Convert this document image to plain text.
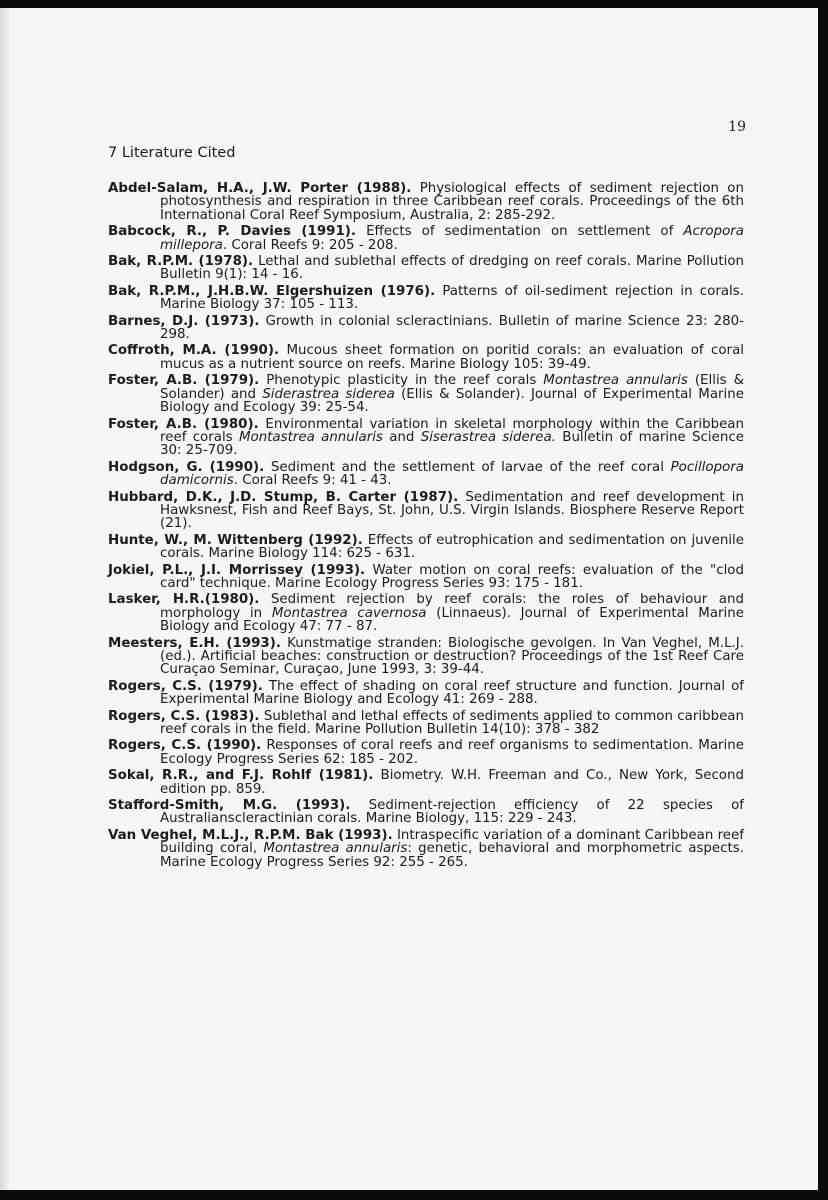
19
7 Literature Cited
Abdel-Salam, H.A., J.W. Porter (1988). Physiological effects of sediment rejection on photosynthesis and respiration in three Caribbean reef corals. Proceedings of the 6th International Coral Reef Symposium, Australia, 2: 285-292.
Babcock, R., P. Davies (1991). Effects of sedimentation on settlement of Acropora millepora. Coral Reefs 9: 205 - 208.
Bak, R.P.M. (1978). Lethal and sublethal effects of dredging on reef corals. Marine Pollution Bulletin 9(1): 14 - 16.
Bak, R.P.M., J.H.B.W. Elgershuizen (1976). Patterns of oil-sediment rejection in corals. Marine Biology 37: 105 - 113.
Barnes, D.J. (1973). Growth in colonial scleractinians. Bulletin of marine Science 23: 280-298.
Coffroth, M.A. (1990). Mucous sheet formation on poritid corals: an evaluation of coral mucus as a nutrient source on reefs. Marine Biology 105: 39-49.
Foster, A.B. (1979). Phenotypic plasticity in the reef corals Montastrea annularis (Ellis & Solander) and Siderastrea siderea (Ellis & Solander). Journal of Experimental Marine Biology and Ecology 39: 25-54.
Foster, A.B. (1980). Environmental variation in skeletal morphology within the Caribbean reef corals Montastrea annularis and Siserastrea siderea. Bulletin of marine Science 30: 25-709.
Hodgson, G. (1990). Sediment and the settlement of larvae of the reef coral Pocillopora damicornis. Coral Reefs 9: 41 - 43.
Hubbard, D.K., J.D. Stump, B. Carter (1987). Sedimentation and reef development in Hawksnest, Fish and Reef Bays, St. John, U.S. Virgin Islands. Biosphere Reserve Report (21).
Hunte, W., M. Wittenberg (1992). Effects of eutrophication and sedimentation on juvenile corals. Marine Biology 114: 625 - 631.
Jokiel, P.L., J.I. Morrissey (1993). Water motion on coral reefs: evaluation of the "clod card" technique. Marine Ecology Progress Series 93: 175 - 181.
Lasker, H.R.(1980). Sediment rejection by reef corals: the roles of behaviour and morphology in Montastrea cavernosa (Linnaeus). Journal of Experimental Marine Biology and Ecology 47: 77 - 87.
Meesters, E.H. (1993). Kunstmatige stranden: Biologische gevolgen. In Van Veghel, M.L.J. (ed.). Artificial beaches: construction or destruction? Proceedings of the 1st Reef Care Curaçao Seminar, Curaçao, June 1993, 3: 39-44.
Rogers, C.S. (1979). The effect of shading on coral reef structure and function. Journal of Experimental Marine Biology and Ecology 41: 269 - 288.
Rogers, C.S. (1983). Sublethal and lethal effects of sediments applied to common caribbean reef corals in the field. Marine Pollution Bulletin 14(10): 378 - 382
Rogers, C.S. (1990). Responses of coral reefs and reef organisms to sedimentation. Marine Ecology Progress Series 62: 185 - 202.
Sokal, R.R., and F.J. Rohlf (1981). Biometry. W.H. Freeman and Co., New York, Second edition pp. 859.
Stafford-Smith, M.G. (1993). Sediment-rejection efficiency of 22 species of Australianscleractinian corals. Marine Biology, 115: 229 - 243.
Van Veghel, M.L.J., R.P.M. Bak (1993). Intraspecific variation of a dominant Caribbean reef building coral, Montastrea annularis: genetic, behavioral and morphometric aspects. Marine Ecology Progress Series 92: 255 - 265.
